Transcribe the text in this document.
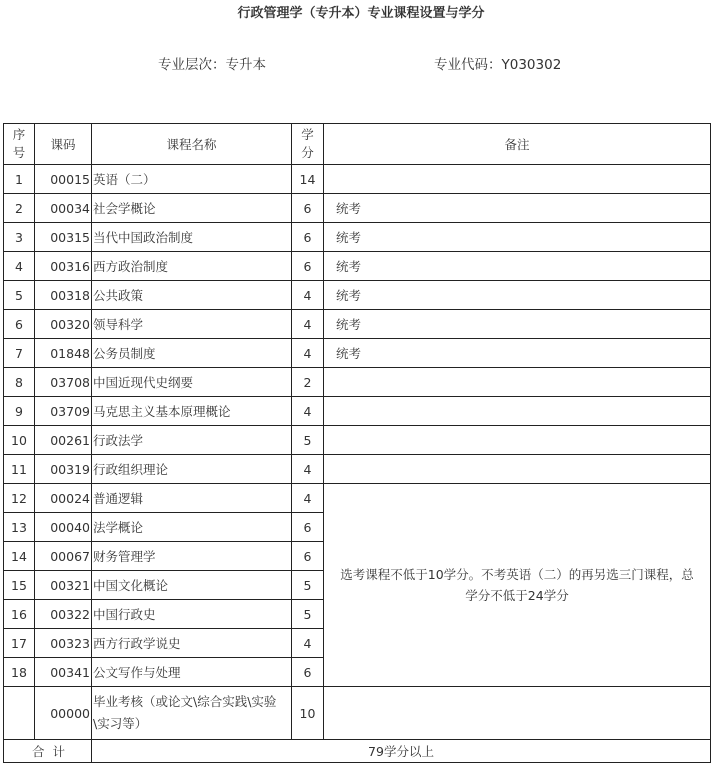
行政管理学（专升本）专业课程设置与学分
专业层次：专升本	专业代码：Y030302
序号	课码	课程名称	学分	备注
1	00015	英语（二）	14	
2	00034	社会学概论	6	统考
3	00315	当代中国政治制度	6	统考
4	00316	西方政治制度	6	统考
5	00318	公共政策	4	统考
6	00320	领导科学	4	统考
7	01848	公务员制度	4	统考
8	03708	中国近现代史纲要	2	
9	03709	马克思主义基本原理概论	4	
10	00261	行政法学	5	
11	00319	行政组织理论	4	
12	00024	普通逻辑	4	选考课程不低于10学分。不考英语（二）的再另选三门课程，总学分不低于24学分
13	00040	法学概论	6	
14	00067	财务管理学	6	
15	00321	中国文化概论	5	
16	00322	中国行政史	5	
17	00323	西方行政学说史	4	
18	00341	公文写作与处理	6	
	00000	毕业考核（或论文\综合实践\实验\实习等）	10	
合 计		79学分以上		
